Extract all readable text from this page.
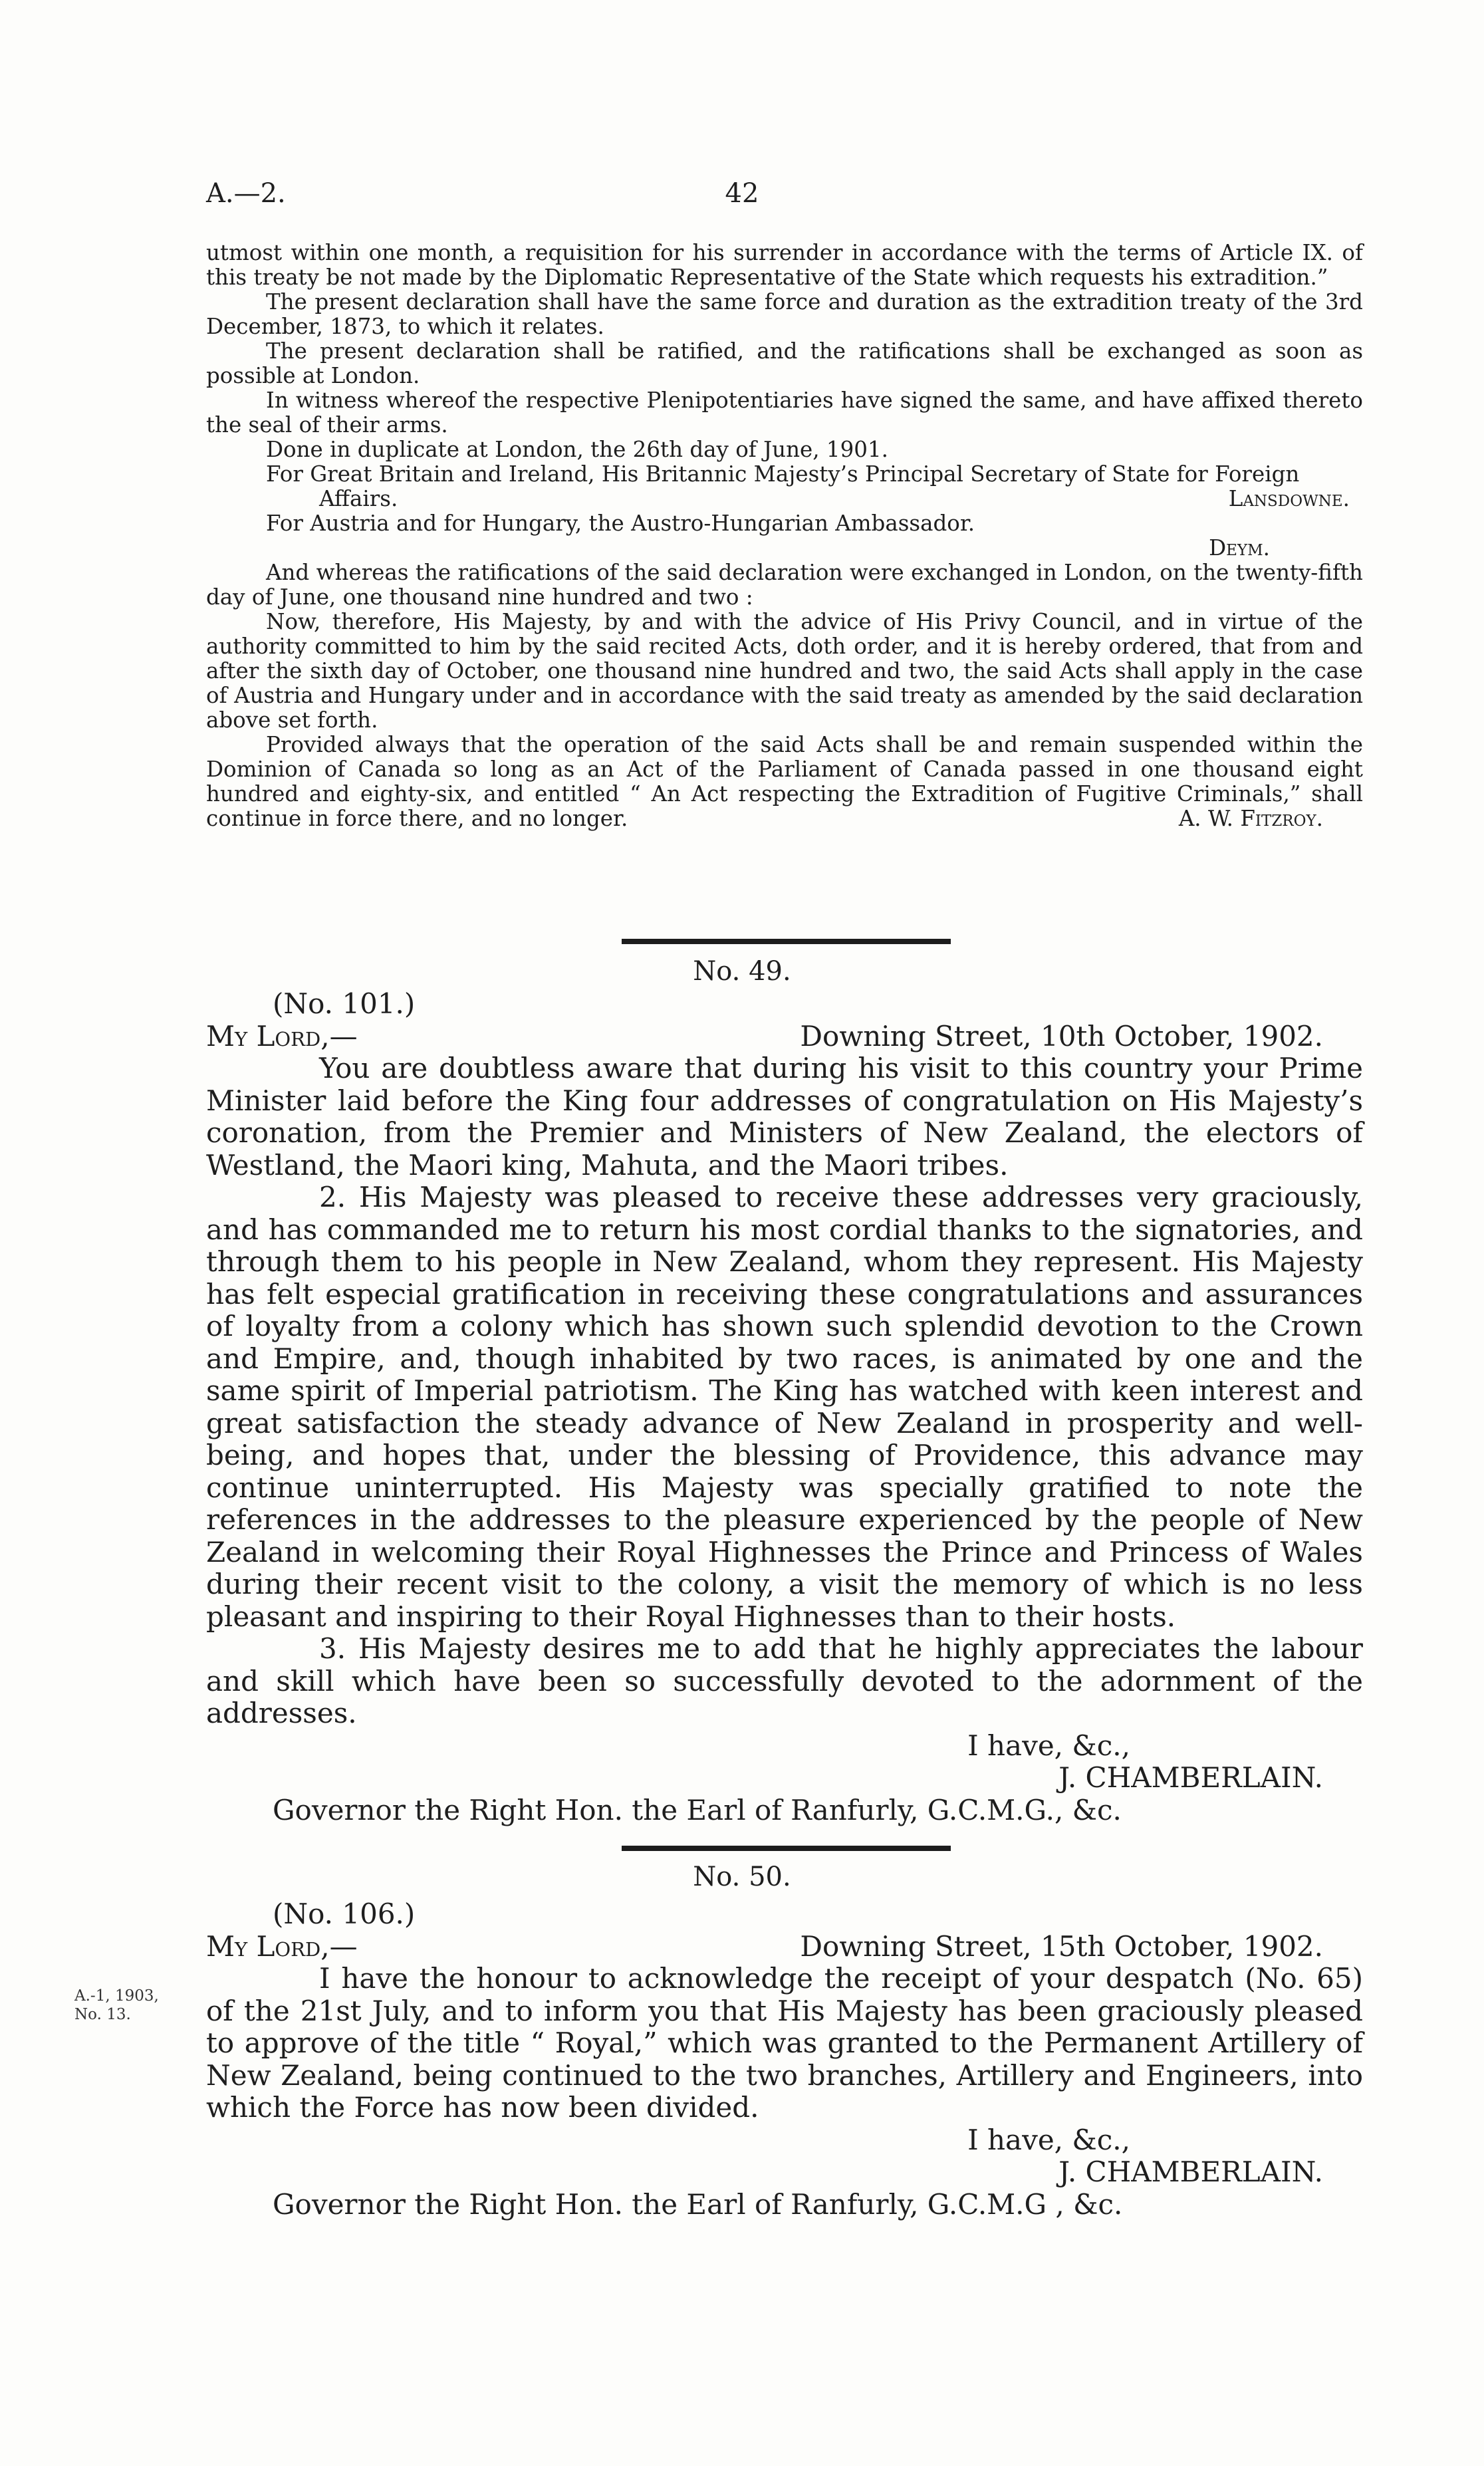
A.—2.	42

utmost within one month, a requisition for his surrender in accordance with the terms of Article IX. of this treaty be not made by the Diplomatic Representative of the State which requests his extradition.”

The present declaration shall have the same force and duration as the extradition treaty of the 3rd December, 1873, to which it relates.

The present declaration shall be ratified, and the ratifications shall be exchanged as soon as possible at London.

In witness whereof the respective Plenipotentiaries have signed the same, and have affixed thereto the seal of their arms.

Done in duplicate at London, the 26th day of June, 1901.

For Great Britain and Ireland, His Britannic Majesty’s Principal Secretary of State for Foreign

Affairs.	Lansdowne.

For Austria and for Hungary, the Austro-Hungarian Ambassador.

Deym.

And whereas the ratifications of the said declaration were exchanged in London, on the twenty-fifth day of June, one thousand nine hundred and two :

Now, therefore, His Majesty, by and with the advice of His Privy Council, and in virtue of the authority committed to him by the said recited Acts, doth order, and it is hereby ordered, that from and after the sixth day of October, one thousand nine hundred and two, the said Acts shall apply in the case of Austria and Hungary under and in accordance with the said treaty as amended by the said declaration above set forth.

Provided always that the operation of the said Acts shall be and remain suspended within the Dominion of Canada so long as an Act of the Parliament of Canada passed in one thousand eight hundred and eighty-six, and entitled “ An Act respecting the Extradition of Fugitive Criminals,” shall continue in force there, and no longer.	A. W. Fitzroy.

No. 49.

(No. 101.)

My Lord,—	Downing Street, 10th October, 1902.

You are doubtless aware that during his visit to this country your Prime Minister laid before the King four addresses of congratulation on His Majesty’s coronation, from the Premier and Ministers of New Zealand, the electors of Westland, the Maori king, Mahuta, and the Maori tribes.

2. His Majesty was pleased to receive these addresses very graciously, and has commanded me to return his most cordial thanks to the signatories, and through them to his people in New Zealand, whom they represent. His Majesty has felt especial gratification in receiving these congratulations and assurances of loyalty from a colony which has shown such splendid devotion to the Crown and Empire, and, though inhabited by two races, is animated by one and the same spirit of Imperial patriotism. The King has watched with keen interest and great satisfaction the steady advance of New Zealand in prosperity and well-being, and hopes that, under the blessing of Providence, this advance may continue uninterrupted. His Majesty was specially gratified to note the references in the addresses to the pleasure experienced by the people of New Zealand in welcoming their Royal Highnesses the Prince and Princess of Wales during their recent visit to the colony, a visit the memory of which is no less pleasant and inspiring to their Royal Highnesses than to their hosts.

3. His Majesty desires me to add that he highly appreciates the labour and skill which have been so successfully devoted to the adornment of the addresses.

I have, &c.,

J. CHAMBERLAIN.

Governor the Right Hon. the Earl of Ranfurly, G.C.M.G., &c.

No. 50.
A.-1, 1903,
No. 13.

(No. 106.)

My Lord,—	Downing Street, 15th October, 1902.

I have the honour to acknowledge the receipt of your despatch (No. 65) of the 21st July, and to inform you that His Majesty has been graciously pleased to approve of the title “ Royal,” which was granted to the Permanent Artillery of New Zealand, being continued to the two branches, Artillery and Engineers, into which the Force has now been divided.

I have, &c.,

J. CHAMBERLAIN.

Governor the Right Hon. the Earl of Ranfurly, G.C.M.G , &c.
